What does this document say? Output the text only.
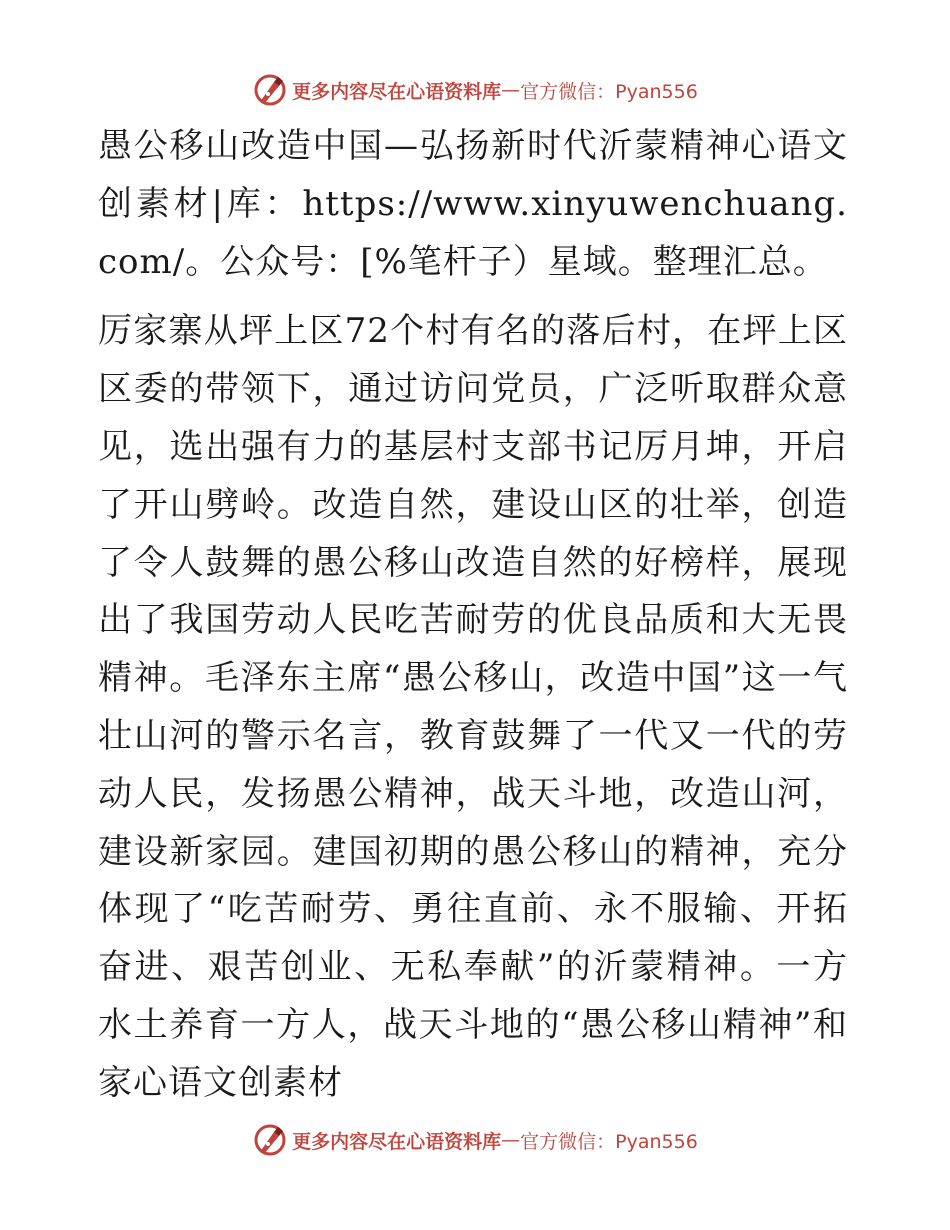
更多内容尽在心语资料库 — 官方微信：Pyan556

愚公移山改造中国—弘扬新时代沂蒙精神心语文创素材|库：https://www.xinyuwenchuang.com/。公众号：[%笔杆子）星域。整理汇总。

厉家寨从坪上区72个村有名的落后村，在坪上区区委的带领下，通过访问党员，广泛听取群众意见，选出强有力的基层村支部书记厉月坤，开启了开山劈岭。改造自然，建设山区的壮举，创造了令人鼓舞的愚公移山改造自然的好榜样，展现出了我国劳动人民吃苦耐劳的优良品质和大无畏精神。毛泽东主席“愚公移山，改造中国”这一气壮山河的警示名言，教育鼓舞了一代又一代的劳动人民，发扬愚公精神，战天斗地，改造山河，建设新家园。建国初期的愚公移山的精神，充分体现了“吃苦耐劳、勇往直前、永不服输、开拓奋进、艰苦创业、无私奉献”的沂蒙精神。一方水土养育一方人，战天斗地的“愚公移山精神”和家心语文创素材

更多内容尽在心语资料库 — 官方微信：Pyan556
